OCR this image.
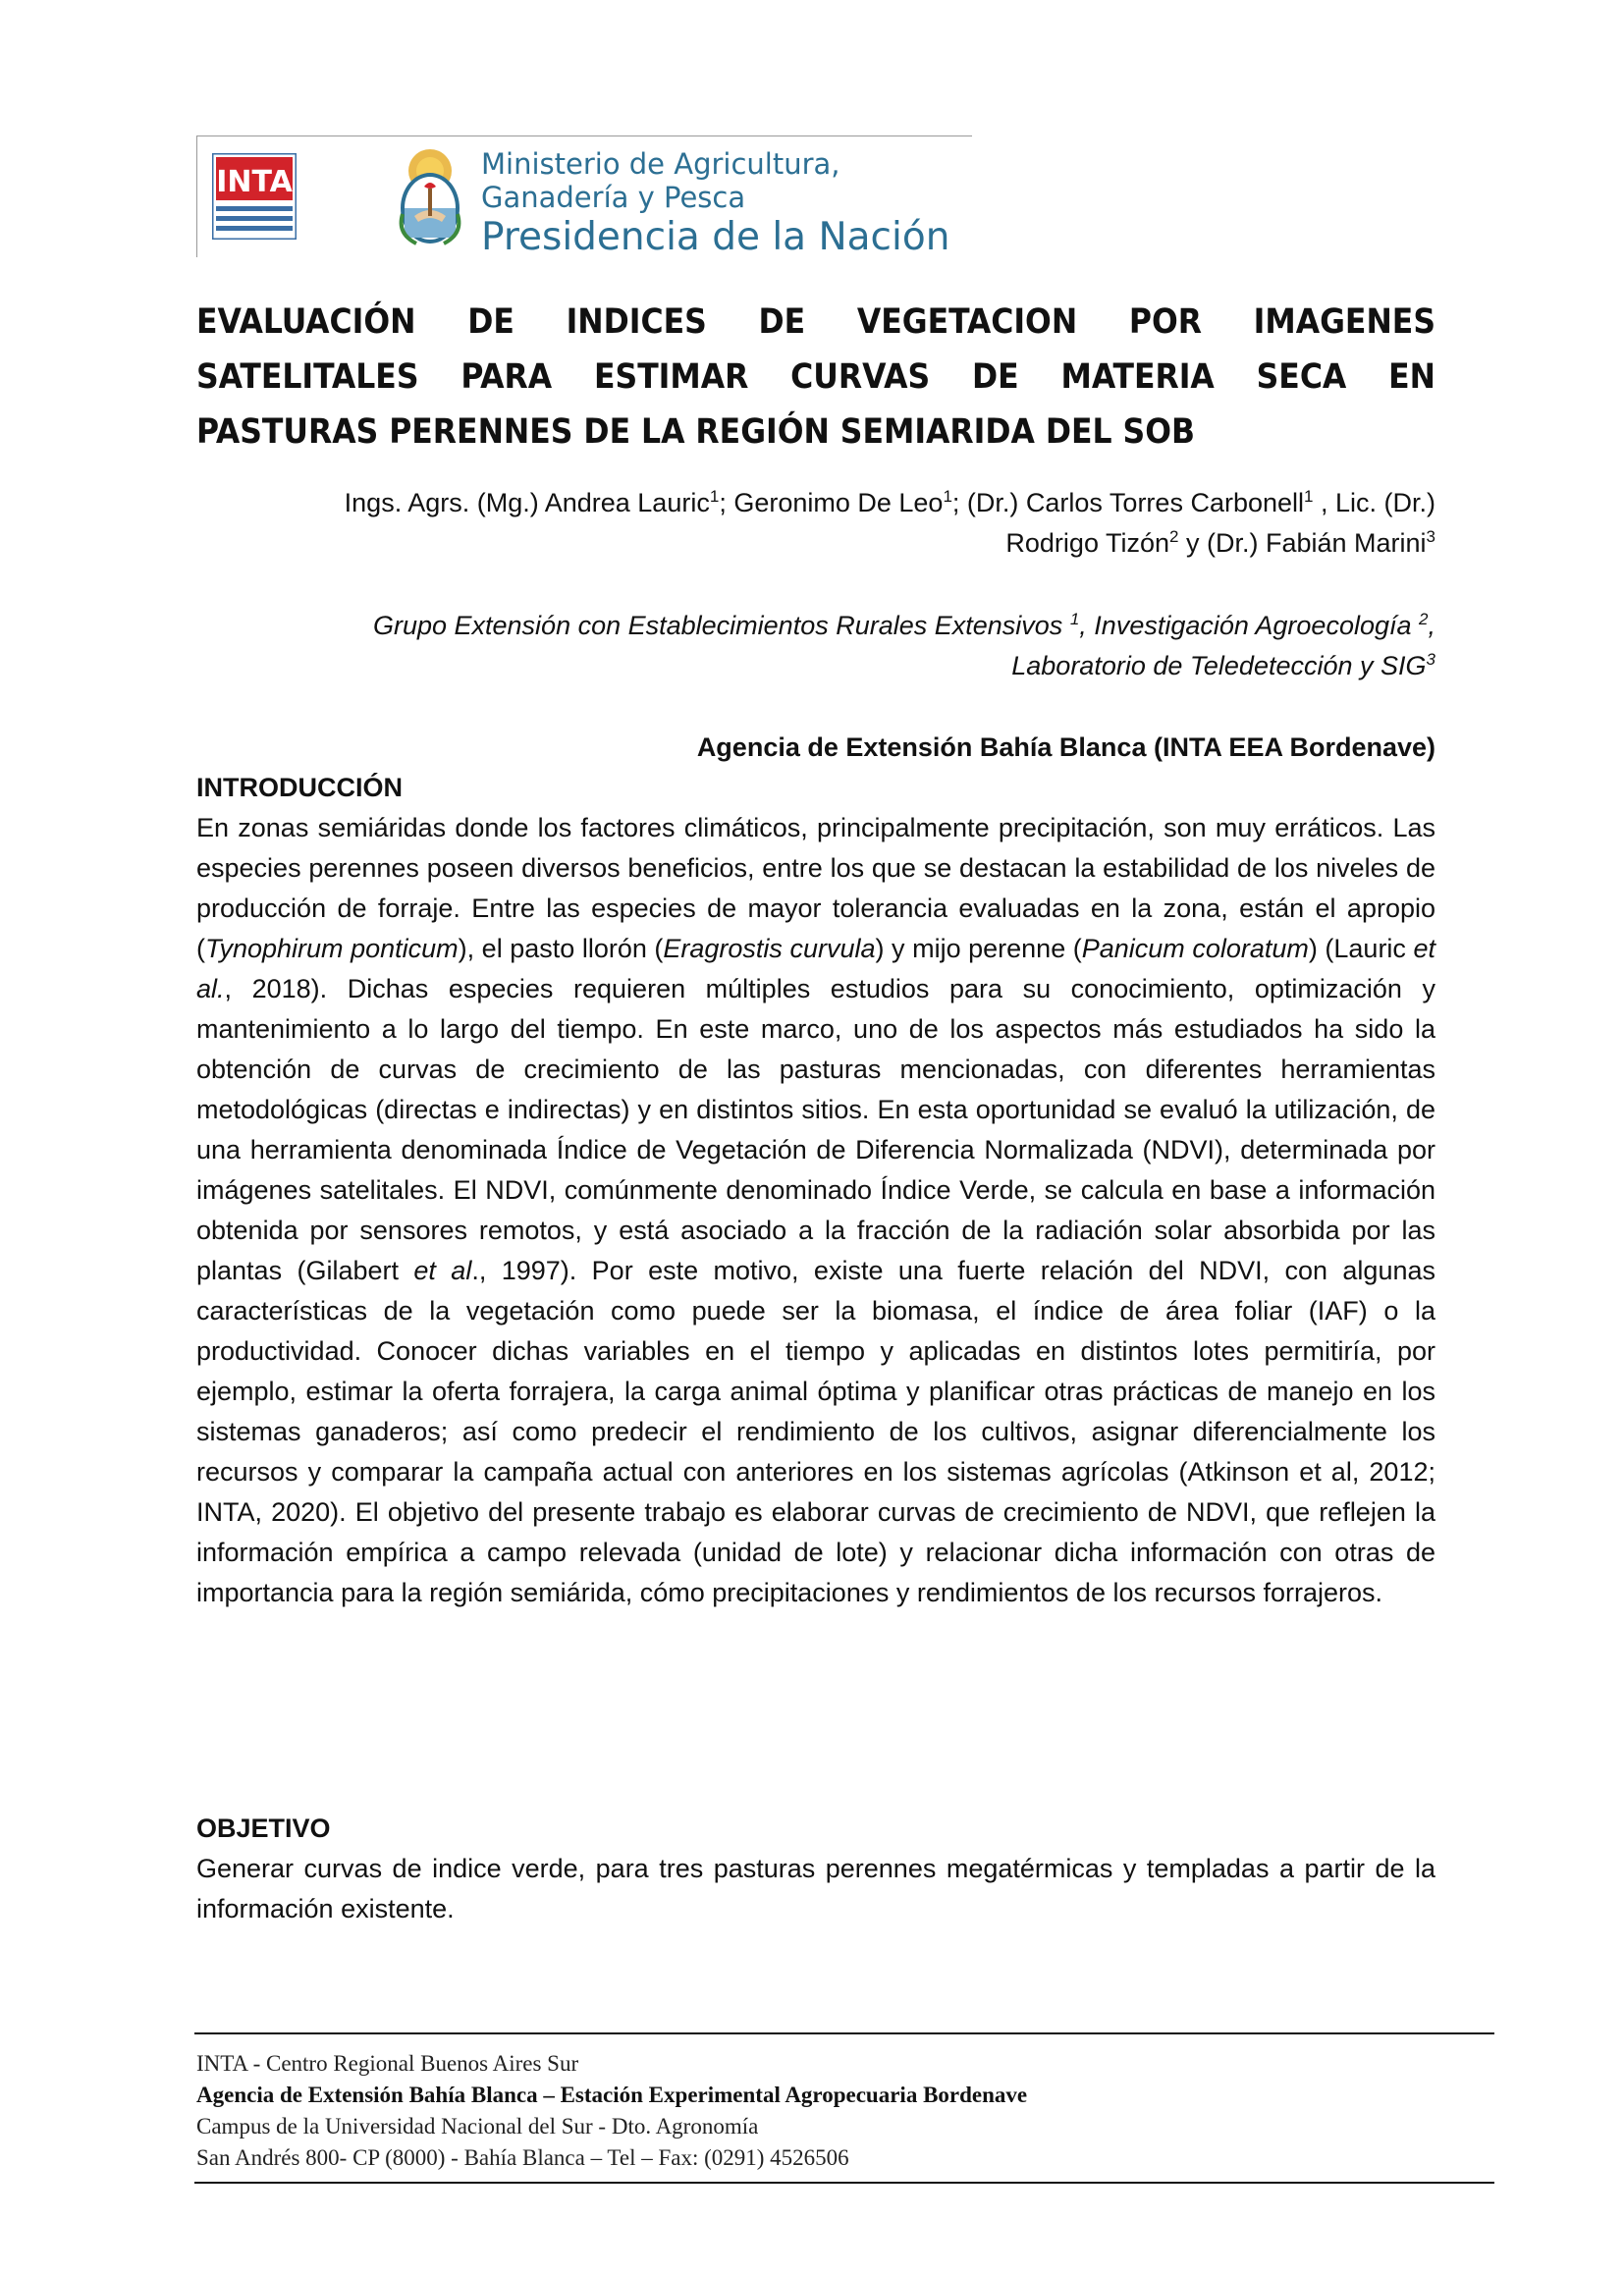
INTA
Ministerio de Agricultura,
Ganadería y Pesca
Presidencia de la Nación
EVALUACIÓN DE INDICES DE VEGETACION POR IMAGENES
SATELITALES PARA ESTIMAR CURVAS DE MATERIA SECA EN
PASTURAS PERENNES DE LA REGIÓN SEMIARIDA DEL SOB
Ings. Agrs. (Mg.) Andrea Lauric$^1$; Geronimo De Leo$^1$; (Dr.) Carlos Torres Carbonell$^1$ , Lic. (Dr.)
Rodrigo Tizón$^2$ y (Dr.) Fabián Marini$^3$
Grupo Extensión con Establecimientos Rurales Extensivos $^1$, Investigación Agroecología $^2$,
Laboratorio de Teledetección y SIG$^3$
Agencia de Extensión Bahía Blanca (INTA EEA Bordenave)
INTRODUCCIÓN

En zonas semiáridas donde los factores climáticos, principalmente precipitación, son muy erráticos. Las especies perennes poseen diversos beneficios, entre los que se destacan la estabilidad de los niveles de producción de forraje. Entre las especies de mayor tolerancia evaluadas en la zona, están el apropio (Tynophirum ponticum), el pasto llorón (Eragrostis curvula) y mijo perenne (Panicum coloratum) (Lauric et al., 2018). Dichas especies requieren múltiples estudios para su conocimiento, optimización y mantenimiento a lo largo del tiempo. En este marco, uno de los aspectos más estudiados ha sido la obtención de curvas de crecimiento de las pasturas mencionadas, con diferentes herramientas metodológicas (directas e indirectas) y en distintos sitios. En esta oportunidad se evaluó la utilización, de una herramienta denominada Índice de Vegetación de Diferencia Normalizada (NDVI), determinada por imágenes satelitales. El NDVI, comúnmente denominado Índice Verde, se calcula en base a información obtenida por sensores remotos, y está asociado a la fracción de la radiación solar absorbida por las plantas (Gilabert et al., 1997). Por este motivo, existe una fuerte relación del NDVI, con algunas características de la vegetación como puede ser la biomasa, el índice de área foliar (IAF) o la productividad. Conocer dichas variables en el tiempo y aplicadas en distintos lotes permitiría, por ejemplo, estimar la oferta forrajera, la carga animal óptima y planificar otras prácticas de manejo en los sistemas ganaderos; así como predecir el rendimiento de los cultivos, asignar diferencialmente los recursos y comparar la campaña actual con anteriores en los sistemas agrícolas (Atkinson et al, 2012; INTA, 2020). El objetivo del presente trabajo es elaborar curvas de crecimiento de NDVI, que reflejen la información empírica a campo relevada (unidad de lote) y relacionar dicha información con otras de importancia para la región semiárida, cómo precipitaciones y rendimientos de los recursos forrajeros.

OBJETIVO

Generar curvas de indice verde, para tres pasturas perennes megatérmicas y templadas a partir de la información existente.

INTA - Centro Regional Buenos Aires Sur
Agencia de Extensión Bahía Blanca – Estación Experimental Agropecuaria Bordenave
Campus de la Universidad Nacional del Sur - Dto. Agronomía
San Andrés 800- CP (8000) - Bahía Blanca – Tel – Fax: (0291) 4526506
